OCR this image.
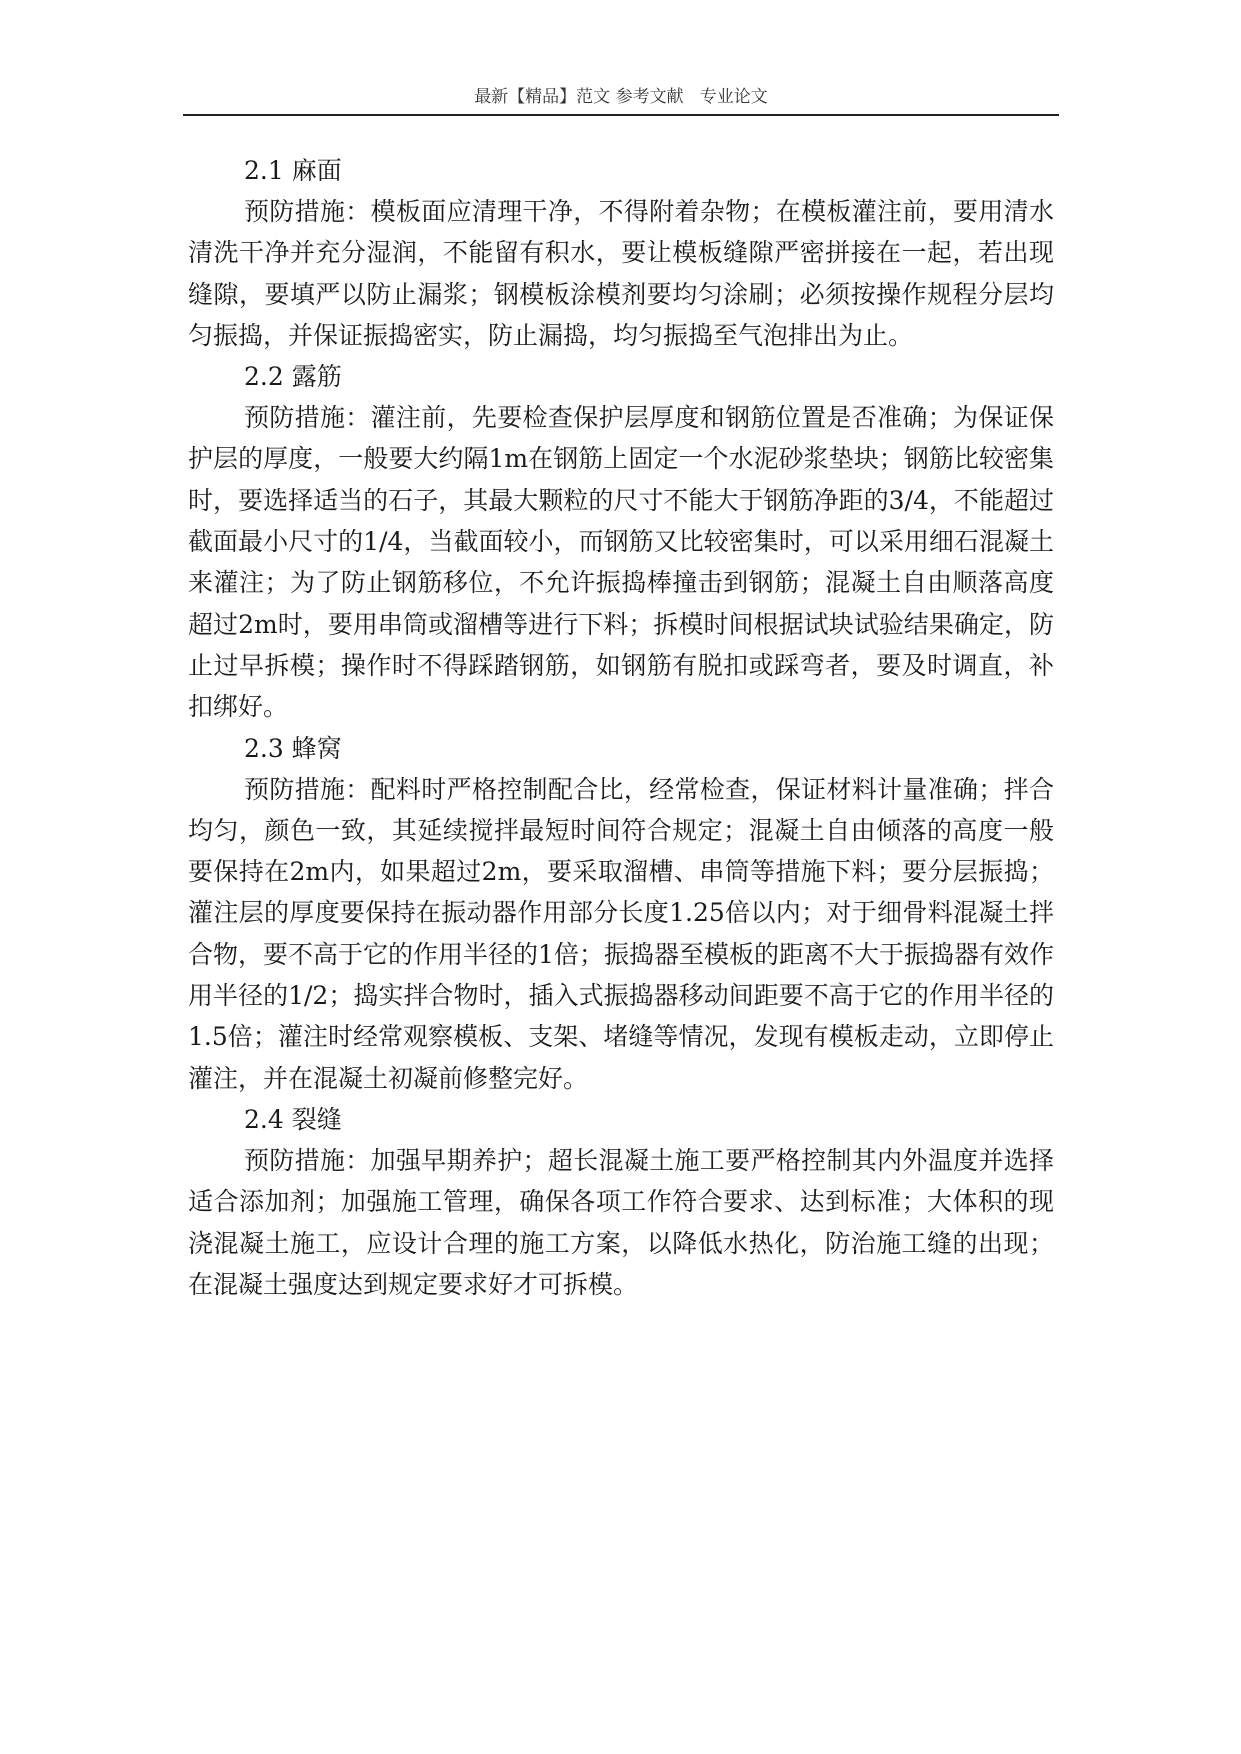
最新【精品】范文 参考文献   专业论文

2.1 麻面

预防措施：模板面应清理干净，不得附着杂物；在模板灌注前，要用清水清洗干净并充分湿润，不能留有积水，要让模板缝隙严密拼接在一起，若出现缝隙，要填严以防止漏浆；钢模板涂模剂要均匀涂刷；必须按操作规程分层均匀振捣，并保证振捣密实，防止漏捣，均匀振捣至气泡排出为止。

2.2 露筋

预防措施：灌注前，先要检查保护层厚度和钢筋位置是否准确；为保证保护层的厚度，一般要大约隔1m在钢筋上固定一个水泥砂浆垫块；钢筋比较密集时，要选择适当的石子，其最大颗粒的尺寸不能大于钢筋净距的3/4，不能超过截面最小尺寸的1/4，当截面较小，而钢筋又比较密集时，可以采用细石混凝土来灌注；为了防止钢筋移位，不允许振捣棒撞击到钢筋；混凝土自由顺落高度超过2m时，要用串筒或溜槽等进行下料；拆模时间根据试块试验结果确定，防止过早拆模；操作时不得踩踏钢筋，如钢筋有脱扣或踩弯者，要及时调直，补扣绑好。

2.3 蜂窝

预防措施：配料时严格控制配合比，经常检查，保证材料计量准确；拌合均匀，颜色一致，其延续搅拌最短时间符合规定；混凝土自由倾落的高度一般要保持在2m内，如果超过2m，要采取溜槽、串筒等措施下料；要分层振捣；灌注层的厚度要保持在振动器作用部分长度1.25倍以内；对于细骨料混凝土拌合物，要不高于它的作用半径的1倍；振捣器至模板的距离不大于振捣器有效作用半径的1/2；捣实拌合物时，插入式振捣器移动间距要不高于它的作用半径的1.5倍；灌注时经常观察模板、支架、堵缝等情况，发现有模板走动，立即停止灌注，并在混凝土初凝前修整完好。

2.4 裂缝

预防措施：加强早期养护；超长混凝土施工要严格控制其内外温度并选择适合添加剂；加强施工管理，确保各项工作符合要求、达到标准；大体积的现浇混凝土施工，应设计合理的施工方案，以降低水热化，防治施工缝的出现；在混凝土强度达到规定要求好才可拆模。
